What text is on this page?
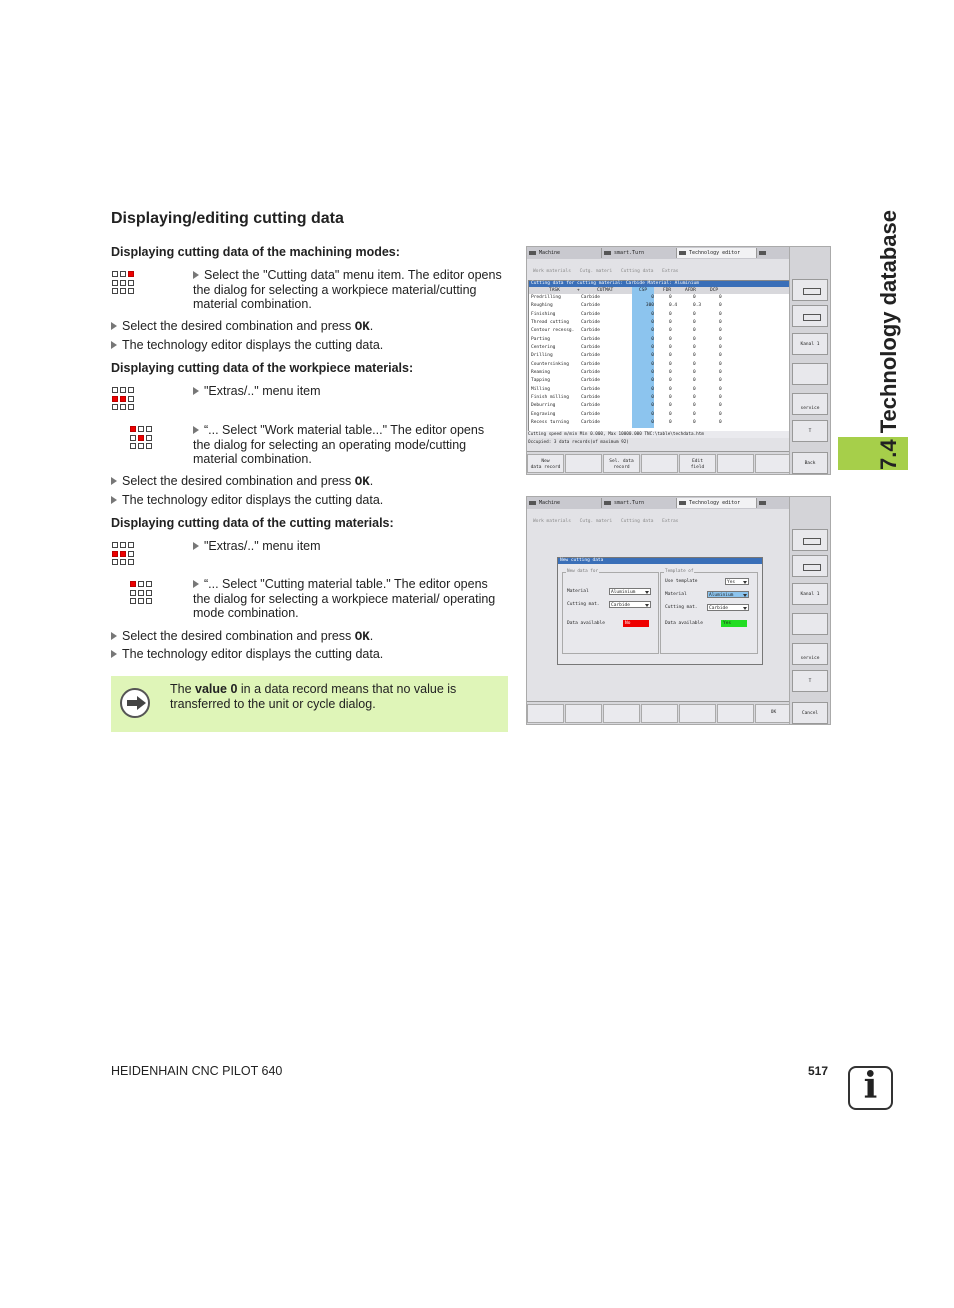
Displaying/editing cutting data
Displaying cutting data of the machining modes:
Select the "Cutting data" menu item. The editor opens the dialog for selecting a workpiece material/cutting material combination.
Select the desired combination and press OK.
The technology editor displays the cutting data.
Displaying cutting data of the workpiece materials:
"Extras/.." menu item
“... Select "Work material table..." The editor opens the dialog for selecting an operating mode/cutting material combination.
Select the desired combination and press OK.
The technology editor displays the cutting data.
Displaying cutting data of the cutting materials:
"Extras/.." menu item
“... Select "Cutting material table." The editor opens the dialog for selecting a workpiece material/ operating mode combination.
Select the desired combination and press OK.
The technology editor displays the cutting data.
The value 0 in a data record means that no value is transferred to the unit or cycle dialog.
7.4 Technology database
Machine	smart.Turn	Technology editor
Work materials Cutg. materi Cutting data Extras
Cutting data for cutting material: Carbide Material: Aluminium
TASK	+	CUTMAT	CSP	FDR	AFDR	DCP
Predrilling	Carbide	0	0	0	0
Roughing	Carbide	300	0.4	0.3	0
Finishing	Carbide	0	0	0	0
Thread cutting	Carbide	0	0	0	0
Contour recessg. Carbide	0	0	0	0
Parting	Carbide	0	0	0	0
Centering	Carbide	0	0	0	0
Drilling	Carbide	0	0	0	0
Countersinking	Carbide	0	0	0	0
Reaming	Carbide	0	0	0	0
Tapping	Carbide	0	0	0	0
Milling	Carbide	0	0	0	0
Finish milling	Carbide	0	0	0	0
Deburring	Carbide	0	0	0	0
Engraving	Carbide	0	0	0	0
Recess turning	Carbide	0	0	0	0
Cutting speed m/min Min 0.000, Max 10000.000 TNC:\table\techdata.htm
Occupied: 3 data records(of maximum 92)
New
data record
Sel. data
record
Edit
field
Kanal 1
service
T
Back
Machine	smart.Turn	Technology editor
Work materials Cutg. materi Cutting data Extras
New cutting data
New data for
Material	Aluminium
Cutting mat.	Carbide
Data available	No
Template of
Use template	Yes
Material	Aluminium
Cutting mat.	Carbide
Data available	Yes
OK
Kanal 1
service
T
Cancel
HEIDENHAIN CNC PILOT 640	517 i
